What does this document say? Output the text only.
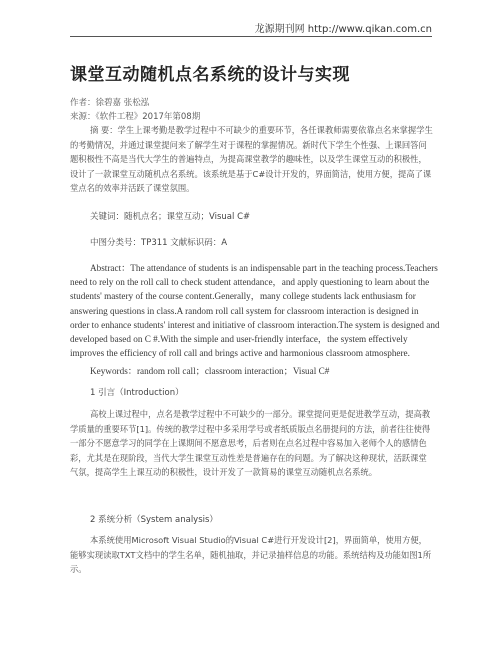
龙源期刊网 http://www.qikan.com.cn
课堂互动随机点名系统的设计与实现
作者：徐碧嘉 张松泓
来源：《软件工程》2017年第08期

摘 要：学生上课考勤是教学过程中不可缺少的重要环节，各任课教师需要依靠点名来掌握学生的考勤情况，并通过课堂提问来了解学生对于课程的掌握情况。新时代下学生个性强、上课回答问题积极性不高是当代大学生的普遍特点，为提高课堂教学的趣味性，以及学生课堂互动的积极性，设计了一款课堂互动随机点名系统。该系统是基于C#设计开发的，界面简洁，使用方便，提高了课堂点名的效率并活跃了课堂氛围。

关键词：随机点名；课堂互动；Visual C#
中图分类号：TP311 文献标识码：A

Abstract：The attendance of students is an indispensable part in the teaching process.Teachers need to rely on the roll call to check student attendance，and apply questioning to learn about the students' mastery of the course content.Generally，many college students lack enthusiasm for answering questions in class.A random roll call system for classroom interaction is designed in order to enhance students' interest and initiative of classroom interaction.The system is designed and developed based on C #.With the simple and user-friendly interface，the system effectively improves the efficiency of roll call and brings active and harmonious classroom atmosphere.

Keywords：random roll call；classroom interaction；Visual C#
1 引言（Introduction）

高校上课过程中，点名是教学过程中不可缺少的一部分。课堂提问更是促进教学互动，提高教学质量的重要环节[1]。传统的教学过程中多采用学号或者纸质版点名册提问的方法，前者往往使得一部分不愿意学习的同学在上课期间不愿意思考，后者则在点名过程中容易加入老师个人的感情色彩，尤其是在现阶段，当代大学生课堂互动性差是普遍存在的问题。为了解决这种现状，活跃课堂气氛，提高学生上课互动的积极性，设计开发了一款简易的课堂互动随机点名系统。

2 系统分析（System analysis）

本系统使用Microsoft Visual Studio的Visual C#进行开发设计[2]，界面简单，使用方便，能够实现读取TXT文档中的学生名单，随机抽取，并记录抽样信息的功能。系统结构及功能如图1所示。
